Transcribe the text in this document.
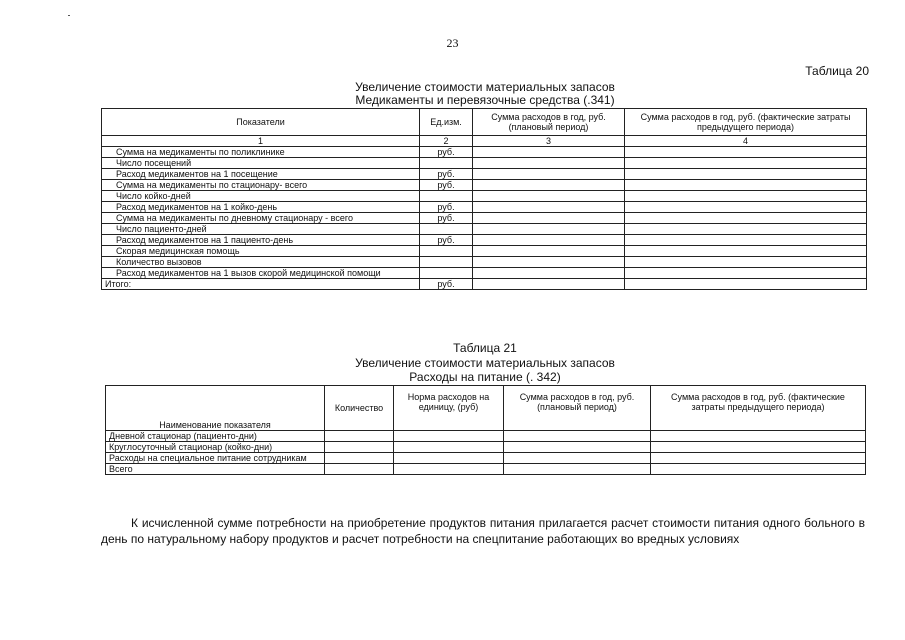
23
Таблица 20
Увеличение стоимости материальных запасов
Медикаменты и перевязочные средства (.341)
Показатели	Ед.изм.	Сумма расходов в год, руб. (плановый период)	Сумма расходов в год, руб. (фактические затраты предыдущего периода)
1	2	3	4
Сумма на медикаменты по поликлинике	руб.		
Число посещений			
Расход медикаментов на 1 посещение	руб.		
Сумма на медикаменты по стационару- всего	руб.		
Число койко-дней			
Расход медикаментов на 1 койко-день	руб.		
Сумма на медикаменты по дневному стационару - всего	руб.		
Число пациенто-дней			
Расход медикаментов на 1 пациенто-день	руб.		
Скорая медицинская помощь			
Количество вызовов			
Расход медикаментов на 1 вызов скорой медицинской помощи			
Итого:	руб.		
Таблица 21
Увеличение стоимости материальных запасов
Расходы на питание (. 342)
Наименование показателя	Количество	Норма расходов на единицу, (руб)	Сумма расходов в год, руб. (плановый период)	Сумма расходов в год, руб. (фактические затраты предыдущего периода)
Дневной стационар (пациенто-дни)				
Круглосуточный стационар (койко-дни)				
Расходы на специальное питание сотрудникам				
Всего				

К исчисленной сумме потребности на приобретение продуктов питания прилагается расчет стоимости питания одного больного в день по натуральному набору продуктов и расчет потребности на спецпитание работающих во вредных условиях
